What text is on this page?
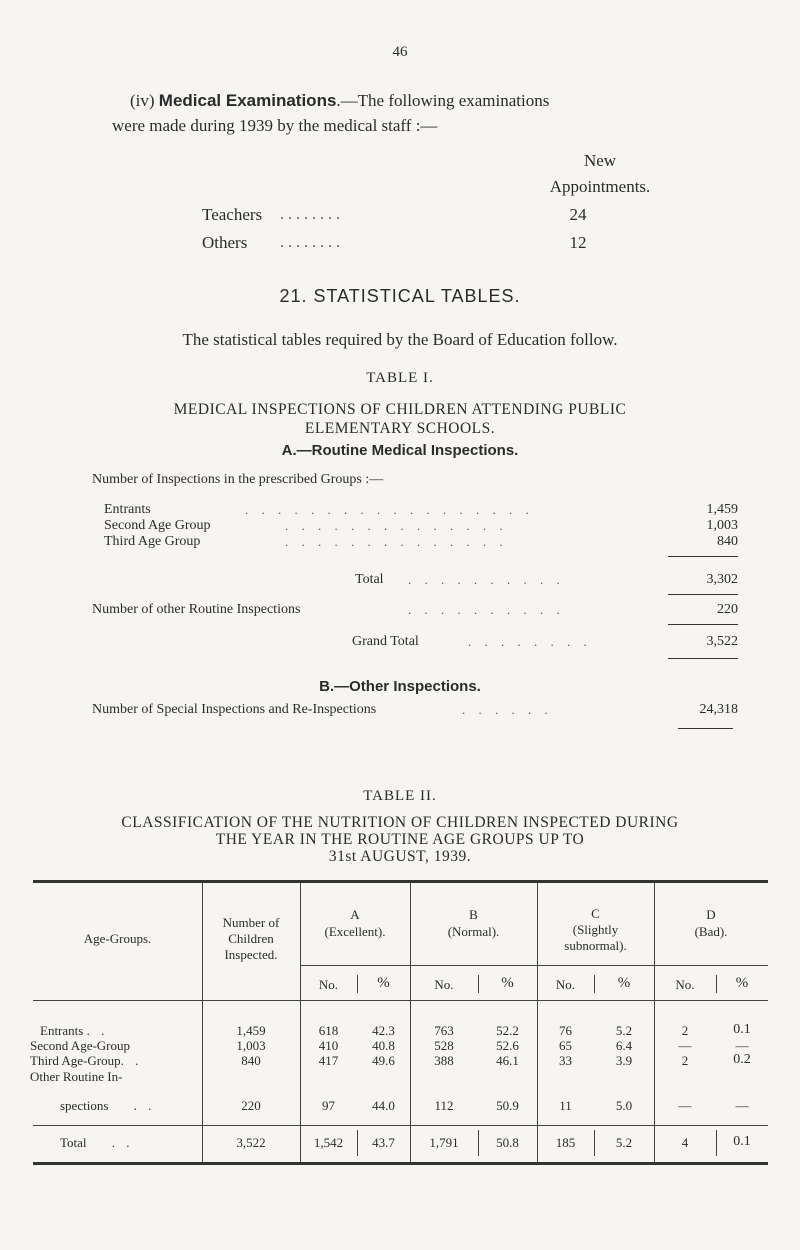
46
(iv) Medical Examinations.—The following examinations
were made during 1939 by the medical staff :—
New
Appointments.
Teachers . . . . . . . .	24
Others . . . . . . . .	12
21. STATISTICAL TABLES.
The statistical tables required by the Board of Education follow.
TABLE I.
MEDICAL INSPECTIONS OF CHILDREN ATTENDING PUBLIC
ELEMENTARY SCHOOLS.
A.—Routine Medical Inspections.
Number of Inspections in the prescribed Groups :—
Entrants	. . . . . . . . . . . . . . . . . .	1,459
Second Age Group	. . . . . . . . . . . . . .	1,003
Third Age Group	. . . . . . . . . . . . . .	840
Total . . . . . . . . . .	3,302
Number of other Routine Inspections	. . . . . . . . . .	220
Grand Total	. . . . . . . .	3,522
B.—Other Inspections.
Number of Special Inspections and Re-Inspections	. . . . . .	24,318
TABLE II.
CLASSIFICATION OF THE NUTRITION OF CHILDREN INSPECTED DURING
THE YEAR IN THE ROUTINE AGE GROUPS UP TO
31st AUGUST, 1939.
Age-Groups.
Number of
Children
Inspected.
A
(Excellent).
B
(Normal).
C
(Slightly
subnormal).
D
(Bad).
No.	%	No.	%	No.	%	No.	%
Entrants . .	1,459	618	42.3	763	52.2	76	5.2	2	0.1
Second Age-Group	1,003	410	40.8	528	52.6	65	6.4	—	—
Third Age-Group. .	840	417	49.6	388	46.1	33	3.9	2	0.2
Other Routine In-
spections . .	220	97	44.0	112	50.9	11	5.0	—	—
Total . .	3,522	1,542	43.7	1,791	50.8	185	5.2	4	0.1
